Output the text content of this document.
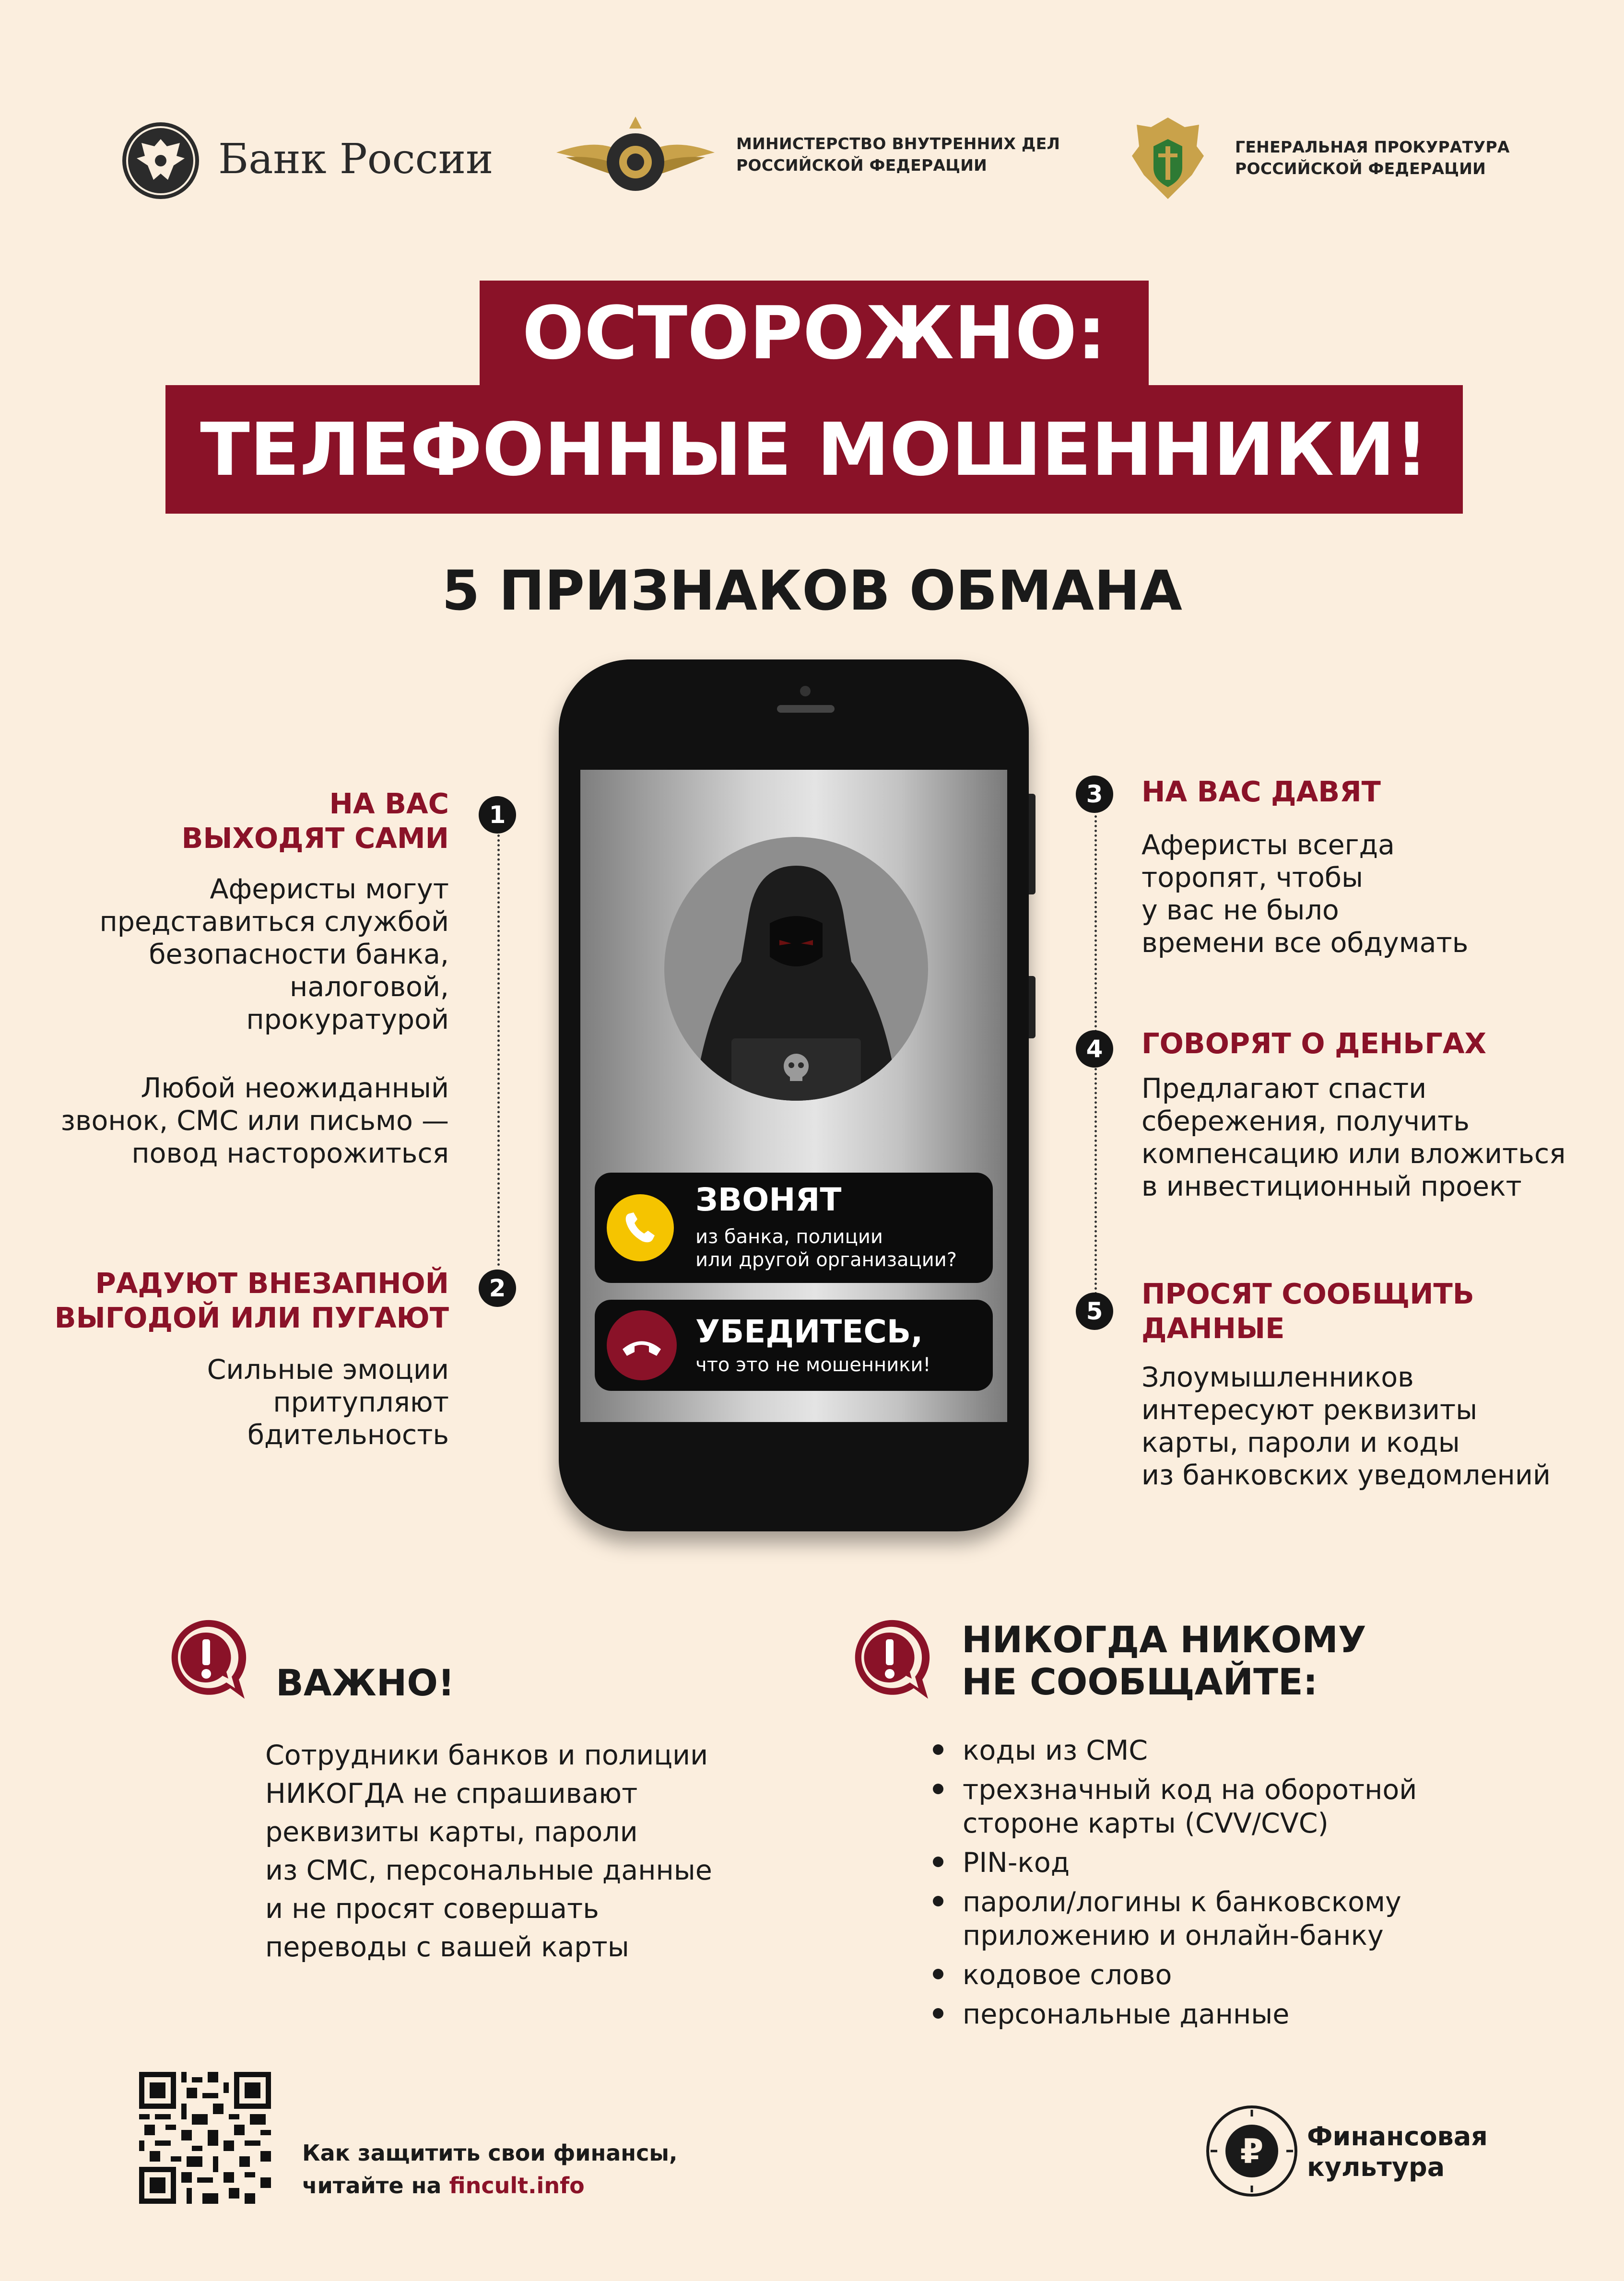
Банк России	МИНИСТЕРСТВО ВНУТРЕННИХ ДЕЛ
РОССИЙСКОЙ ФЕДЕРАЦИИ
ГЕНЕРАЛЬНАЯ ПРОКУРАТУРА
РОССИЙСКОЙ ФЕДЕРАЦИИ
ОСТОРОЖНО:
ТЕЛЕФОННЫЕ МОШЕННИКИ!
5 ПРИЗНАКОВ ОБМАНА
ЗВОНЯТ
из банка, полиции
или другой организации?
УБЕДИТЕСЬ,
что это не мошенники!
1
НА ВАС
ВЫХОДЯТ САМИ
Аферисты могут
представиться службой
безопасности банка,
налоговой,
прокуратурой
Любой неожиданный
звонок, СМС или письмо —
повод насторожиться
2
РАДУЮТ ВНЕЗАПНОЙ
ВЫГОДОЙ ИЛИ ПУГАЮТ
Сильные эмоции
притупляют
бдительность
3	НА ВАС ДАВЯТ
Аферисты всегда
торопят, чтобы
у вас не было
времени все обдумать
4	ГОВОРЯТ О ДЕНЬГАХ
Предлагают спасти
сбережения, получить
компенсацию или вложиться
в инвестиционный проект
5
ПРОСЯТ СООБЩИТЬ
ДАННЫЕ
Злоумышленников
интересуют реквизиты
карты, пароли и коды
из банковских уведомлений
ВАЖНО!
Сотрудники банков и полиции
НИКОГДА не спрашивают
реквизиты карты, пароли
из СМС, персональные данные
и не просят совершать
переводы с вашей карты
НИКОГДА НИКОМУ
НЕ СООБЩАЙТЕ:
коды из СМС
трехзначный код на оборотной
стороне карты (CVV/CVC)
PIN-код
пароли/логины к банковскому
приложению и онлайн-банку
кодовое слово
персональные данные
Как защитить свои финансы,
читайте на fincult.info
₽ Финансовая
культура
